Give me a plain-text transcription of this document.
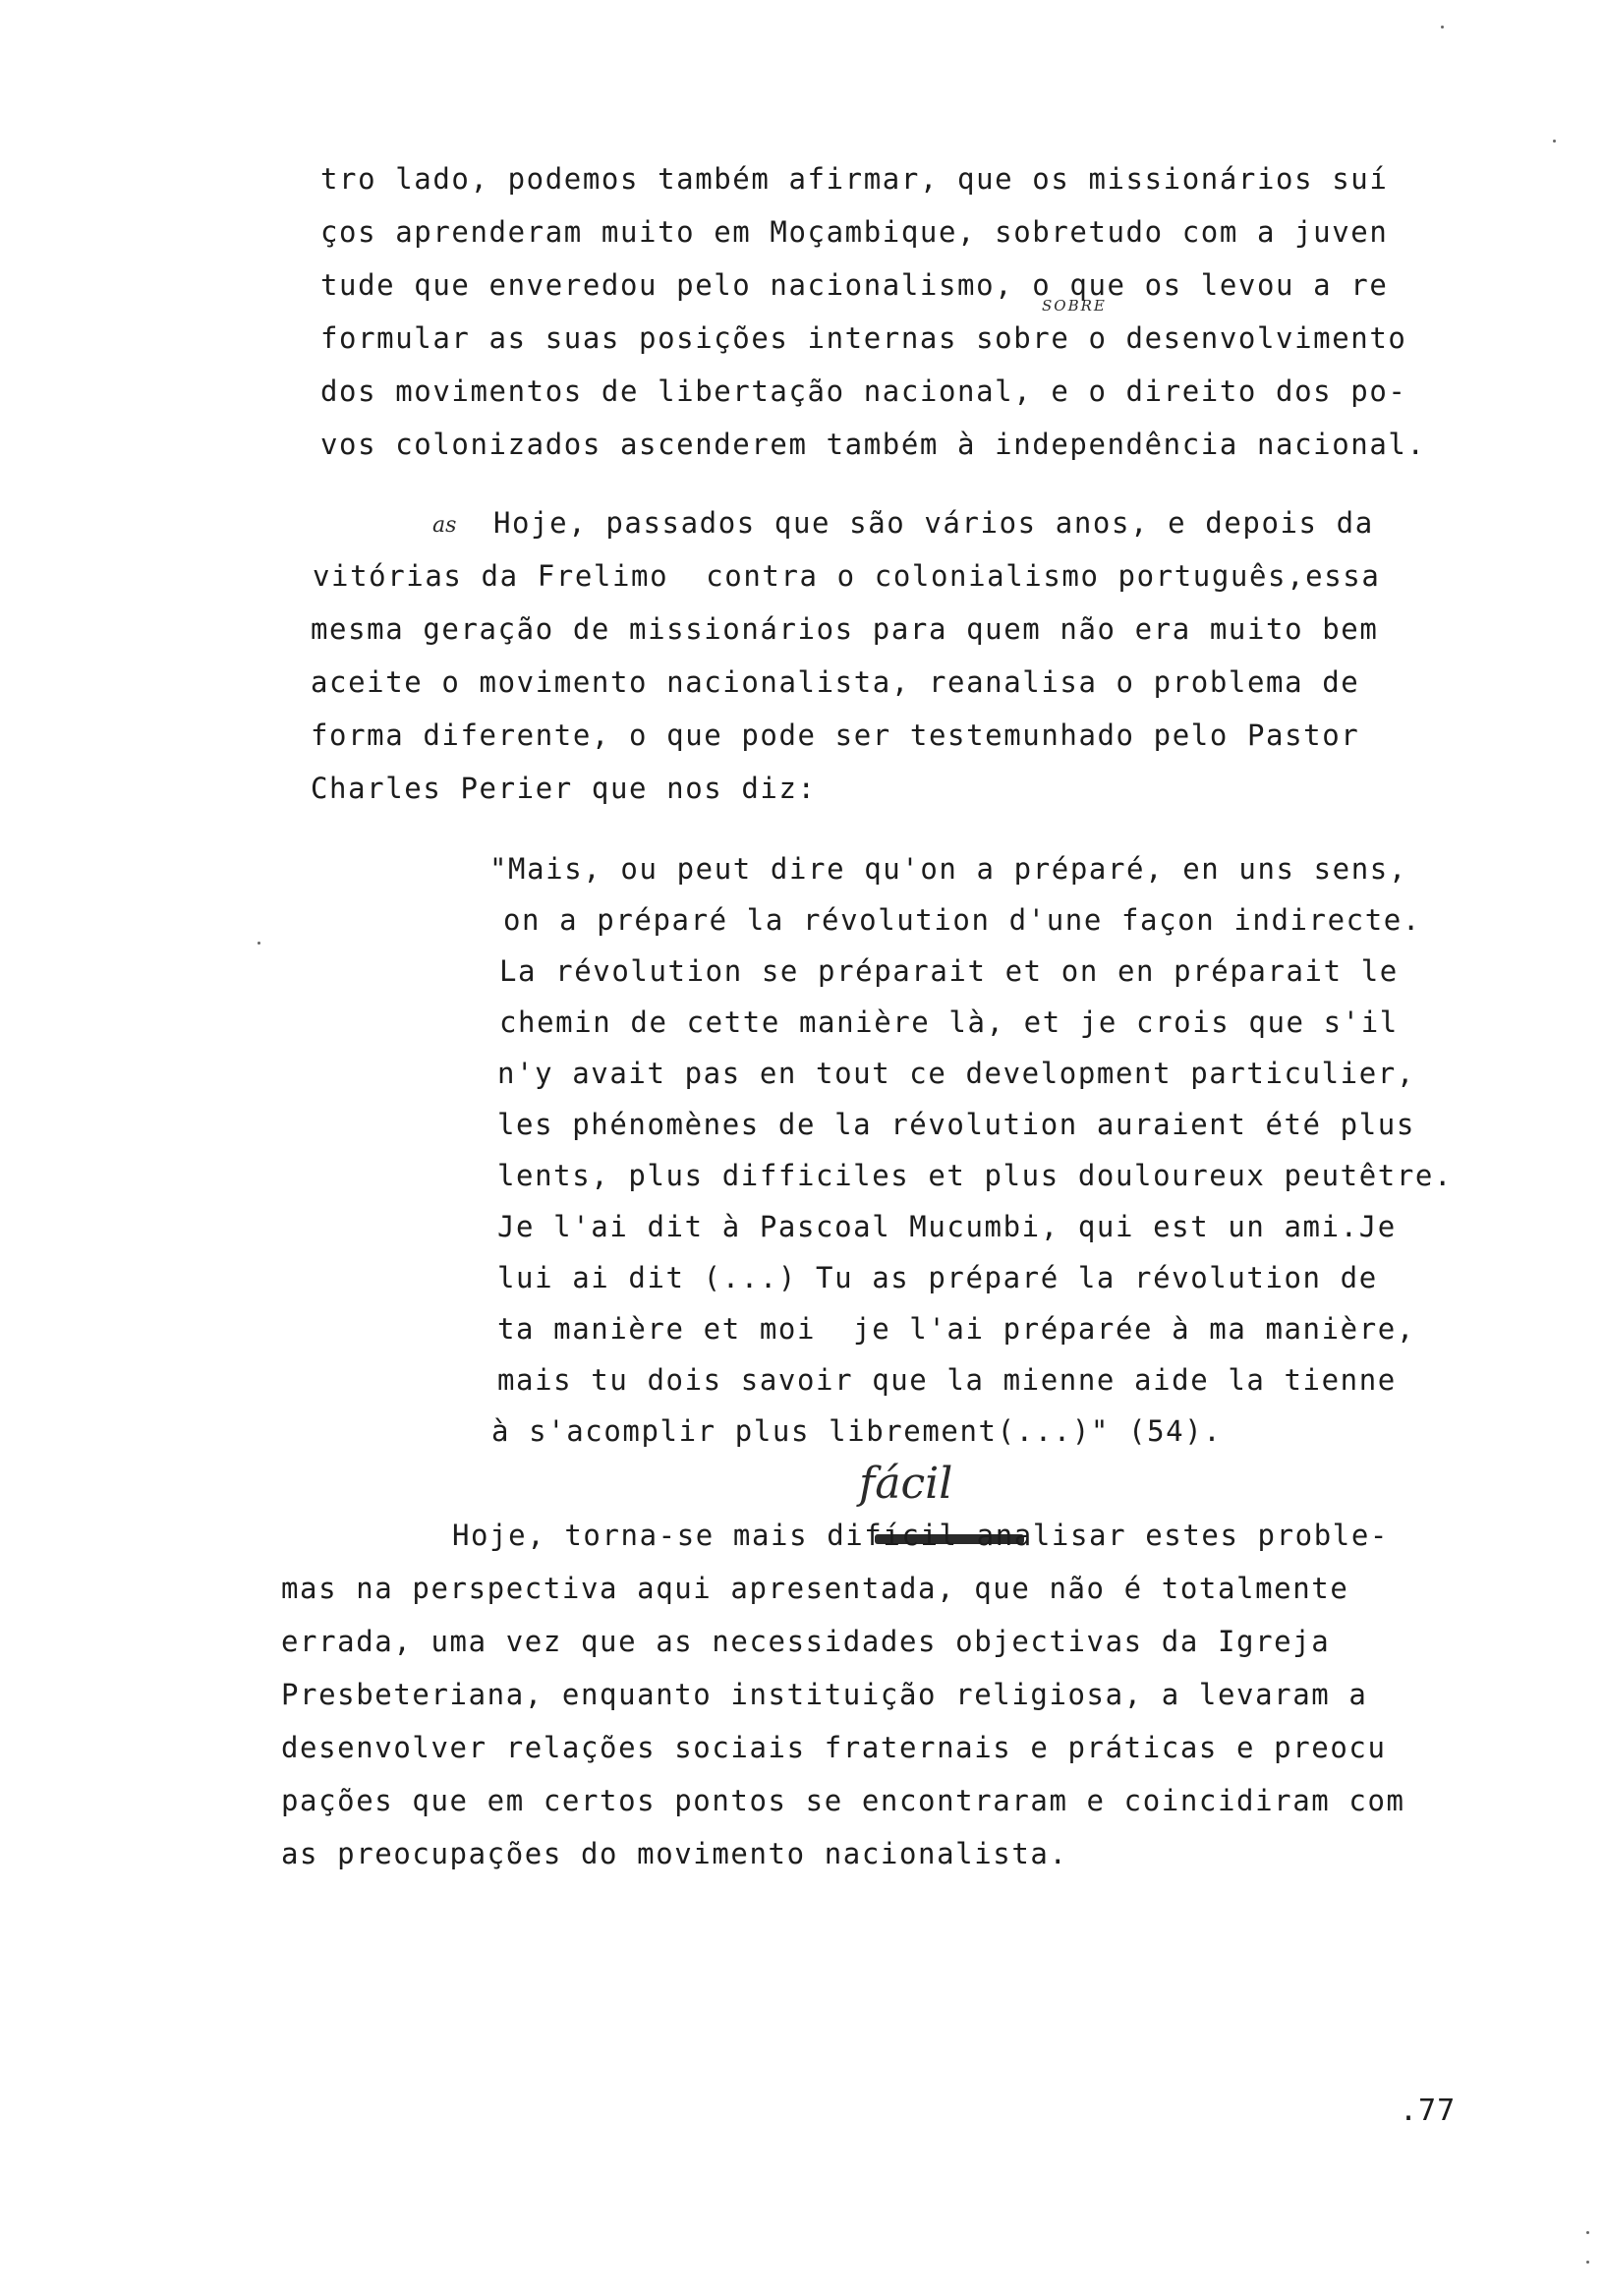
tro lado, podemos também afirmar, que os missionários suí
ços aprenderam muito em Moçambique, sobretudo com a juven
tude que enveredou pelo nacionalismo, o que os levou a re
formular as suas posições internas sobre o desenvolvimento
dos movimentos de libertação nacional, e o direito dos po-
vos colonizados ascenderem também à independência nacional.
SOBRE
Hoje, passados que são vários anos, e depois da
vitórias da Frelimo  contra o colonialismo português,essa
mesma geração de missionários para quem não era muito bem
aceite o movimento nacionalista, reanalisa o problema de
forma diferente, o que pode ser testemunhado pelo Pastor
Charles Perier que nos diz:
as
"Mais, ou peut dire qu'on a préparé, en uns sens,
on a préparé la révolution d'une façon indirecte.
La révolution se préparait et on en préparait le
chemin de cette manière là, et je crois que s'il
n'y avait pas en tout ce development particulier,
les phénomènes de la révolution auraient été plus
lents, plus difficiles et plus douloureux peutêtre.
Je l'ai dit à Pascoal Mucumbi, qui est un ami.Je
lui ai dit (...) Tu as préparé la révolution de
ta manière et moi  je l'ai préparée à ma manière,
mais tu dois savoir que la mienne aide la tienne
à s'acomplir plus librement(...)" (54).
fácil
Hoje, torna-se mais difícil analisar estes proble-
mas na perspectiva aqui apresentada, que não é totalmente
errada, uma vez que as necessidades objectivas da Igreja
Presbeteriana, enquanto instituição religiosa, a levaram a
desenvolver relações sociais fraternais e práticas e preocu
pações que em certos pontos se encontraram e coincidiram com
as preocupações do movimento nacionalista.
.77
